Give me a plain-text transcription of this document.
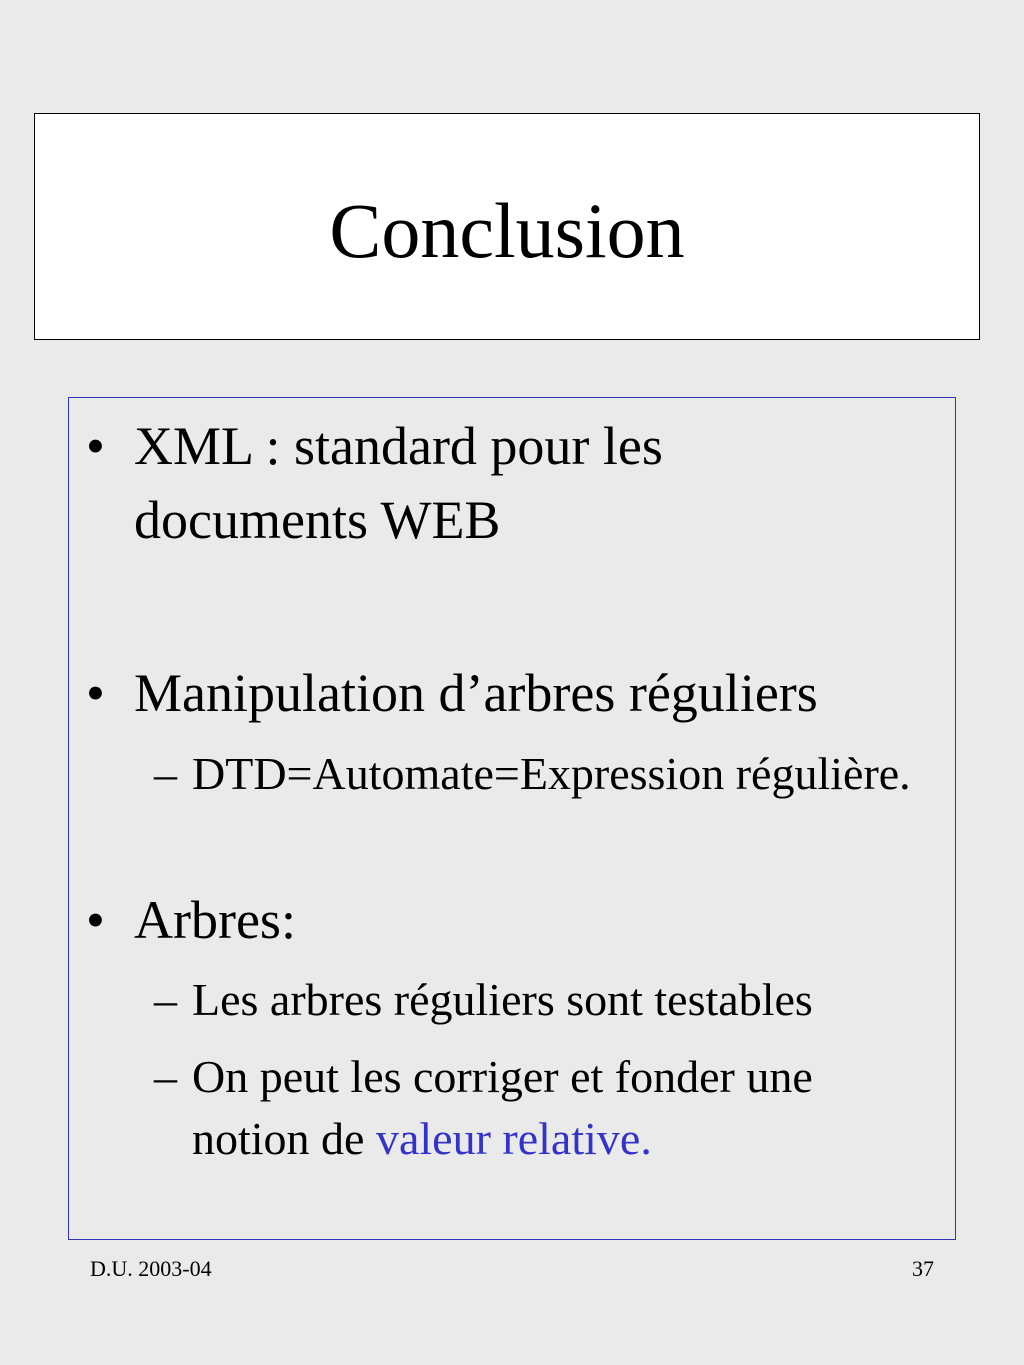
Conclusion
• XML : standard pour les documents WEB
• Manipulation d’arbres réguliers
– DTD=Automate=Expression régulière.
• Arbres:
– Les arbres réguliers sont testables
– On peut les corriger et fonder une notion de valeur relative.
D.U. 2003-04	37
